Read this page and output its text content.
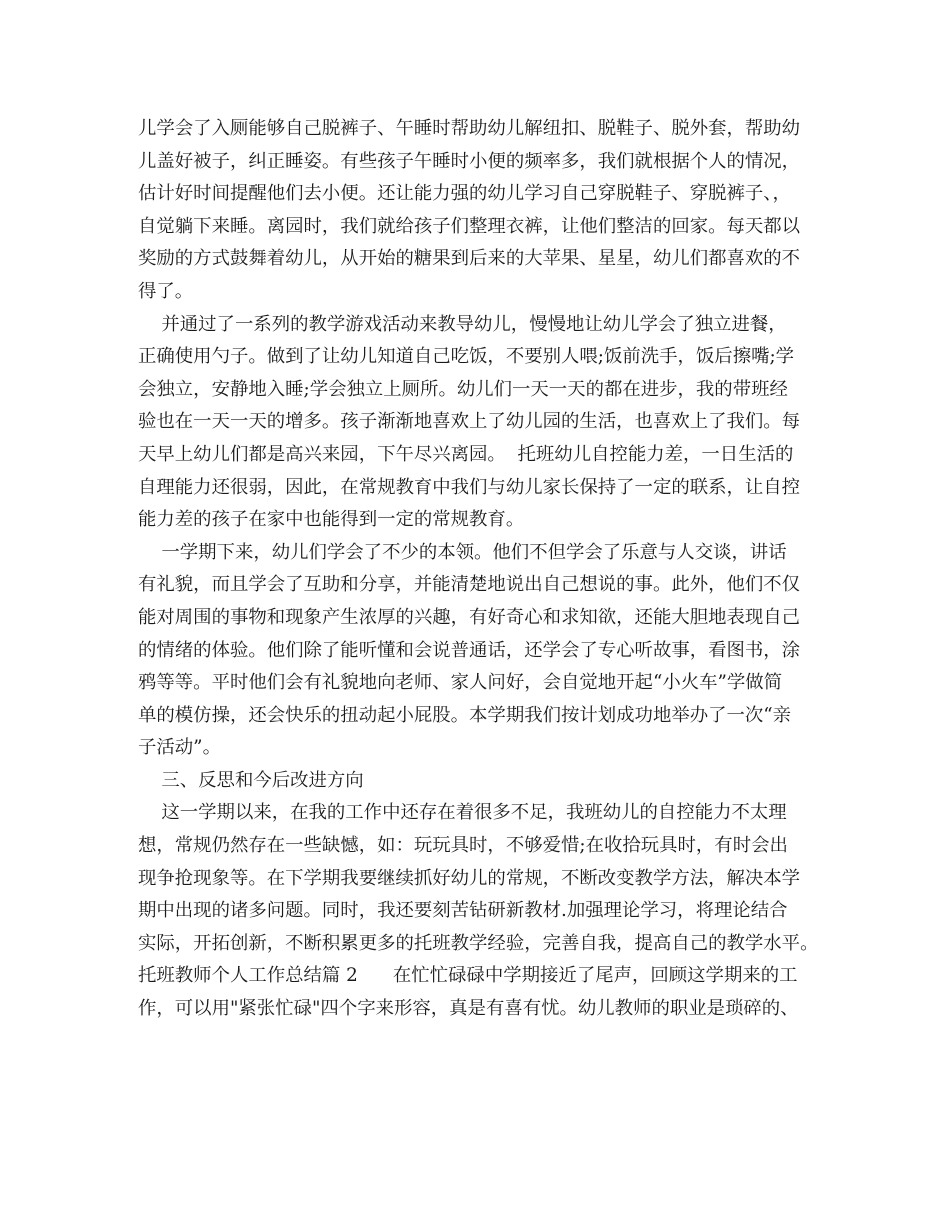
儿学会了入厕能够自己脱裤子、午睡时帮助幼儿解纽扣、脱鞋子、脱外套，帮助幼
儿盖好被子，纠正睡姿。有些孩子午睡时小便的频率多，我们就根据个人的情况，
估计好时间提醒他们去小便。还让能力强的幼儿学习自己穿脱鞋子、穿脱裤子、，
自觉躺下来睡。离园时，我们就给孩子们整理衣裤，让他们整洁的回家。每天都以
奖励的方式鼓舞着幼儿，从开始的糖果到后来的大苹果、星星，幼儿们都喜欢的不
得了。
并通过了一系列的教学游戏活动来教导幼儿，慢慢地让幼儿学会了独立进餐，
正确使用勺子。做到了让幼儿知道自己吃饭，不要别人喂;饭前洗手，饭后擦嘴;学
会独立，安静地入睡;学会独立上厕所。幼儿们一天一天的都在进步，我的带班经
验也在一天一天的增多。孩子渐渐地喜欢上了幼儿园的生活，也喜欢上了我们。每
天早上幼儿们都是高兴来园，下午尽兴离园。  托班幼儿自控能力差，一日生活的
自理能力还很弱，因此，在常规教育中我们与幼儿家长保持了一定的联系，让自控
能力差的孩子在家中也能得到一定的常规教育。
一学期下来，幼儿们学会了不少的本领。他们不但学会了乐意与人交谈，讲话
有礼貌，而且学会了互助和分享，并能清楚地说出自己想说的事。此外，他们不仅
能对周围的事物和现象产生浓厚的兴趣，有好奇心和求知欲，还能大胆地表现自己
的情绪的体验。他们除了能听懂和会说普通话，还学会了专心听故事，看图书，涂
鸦等等。平时他们会有礼貌地向老师、家人问好，会自觉地开起“小火车”学做简
单的模仿操，还会快乐的扭动起小屁股。本学期我们按计划成功地举办了一次“亲
子活动”。
三、反思和今后改进方向
这一学期以来，在我的工作中还存在着很多不足，我班幼儿的自控能力不太理
想，常规仍然存在一些缺憾，如：玩玩具时，不够爱惜;在收拾玩具时，有时会出
现争抢现象等。在下学期我要继续抓好幼儿的常规，不断改变教学方法，解决本学
期中出现的诸多问题。同时，我还要刻苦钻研新教材.加强理论学习，将理论结合
实际，开拓创新，不断积累更多的托班教学经验，完善自我，提高自己的教学水平。
托班教师个人工作总结篇 2      在忙忙碌碌中学期接近了尾声，回顾这学期来的工
作，可以用"紧张忙碌"四个字来形容，真是有喜有忧。幼儿教师的职业是琐碎的、
